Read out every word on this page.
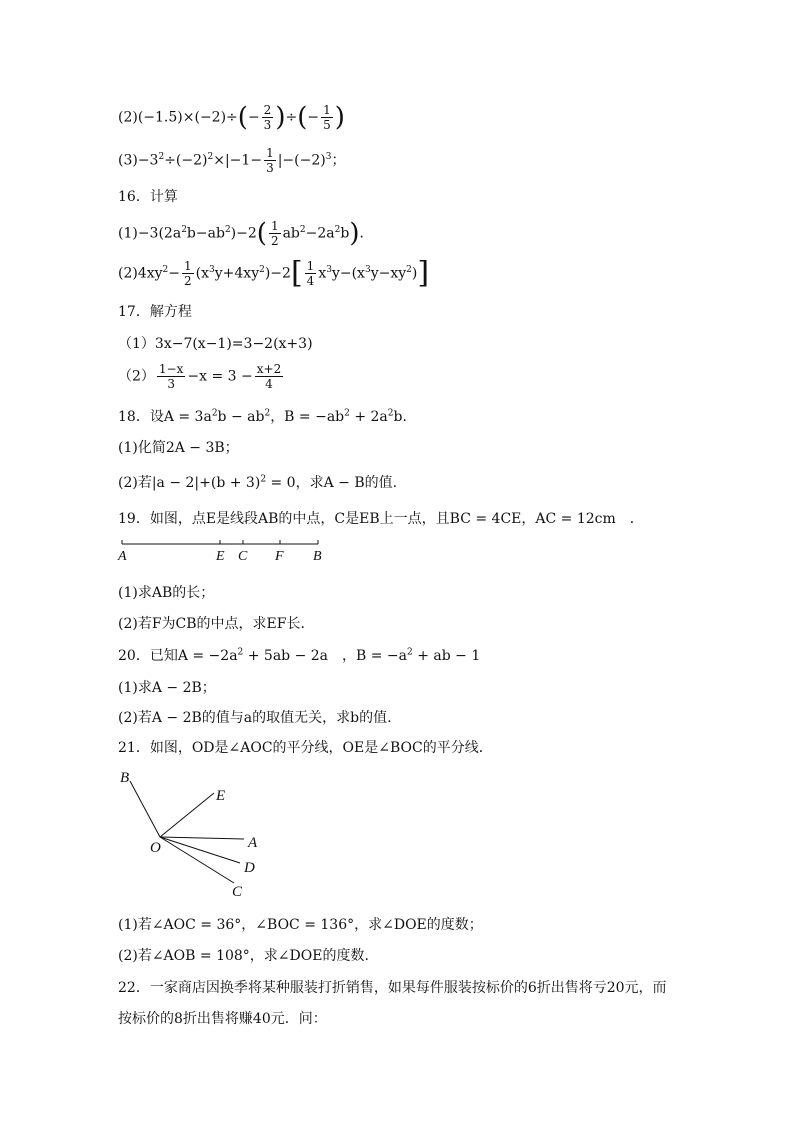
$(2)(-1.5)\times(-2)\div(- \frac{2}{3}$ )÷(− $\frac{1}{5}$ )
$(3)-3^2\div(-2)^2\times|-1- \frac{1}{3} |-(-2)^3$；
16．计算
$(1)-3(2a^2b-ab^2)-2( \frac{1}{2} ab^2-2a^2b)$．
$(2)4xy^2- \frac{1}{2} (x^3y+4xy^2)-2[ \frac{1}{4} x^3y-(x^3y-xy^2)]$
17．解方程
（1）3x−7(x−1)=3−2(x+3)
$(2) \frac{1-x}{3} -x = 3 - \frac{x+2}{4}$
18．设$A = 3a^2b - ab^2$，$B = -ab^2 + 2a^2b$．
(1)化简2A − 3B；
(2)若$|a - 2|+(b + 3)^2 = 0$，求A − B的值.
19．如图，点E是线段AB的中点，C是EB上一点，且BC = 4CE，AC = 12cm　．
A	E C F B
(1)求AB的长；
(2)若F为CB的中点，求EF长．
20．已知$A = -2a^2 + 5ab - 2a$　，$B = -a^2$ + ab − 1
(1)求A − 2B；
(2)若A − 2B的值与a的取值无关，求b的值.
21．如图，OD是∠AOC的平分线，OE是∠BOC的平分线．
B
E
A
O
D
C
(1)若∠AOC = 36°，∠BOC = 136°，求∠DOE的度数；
(2)若∠AOB = 108°，求∠DOE的度数.
22．一家商店因换季将某种服装打折销售，如果每件服装按标价的6折出售将亏20元，而
按标价的8折出售将赚40元．问：
